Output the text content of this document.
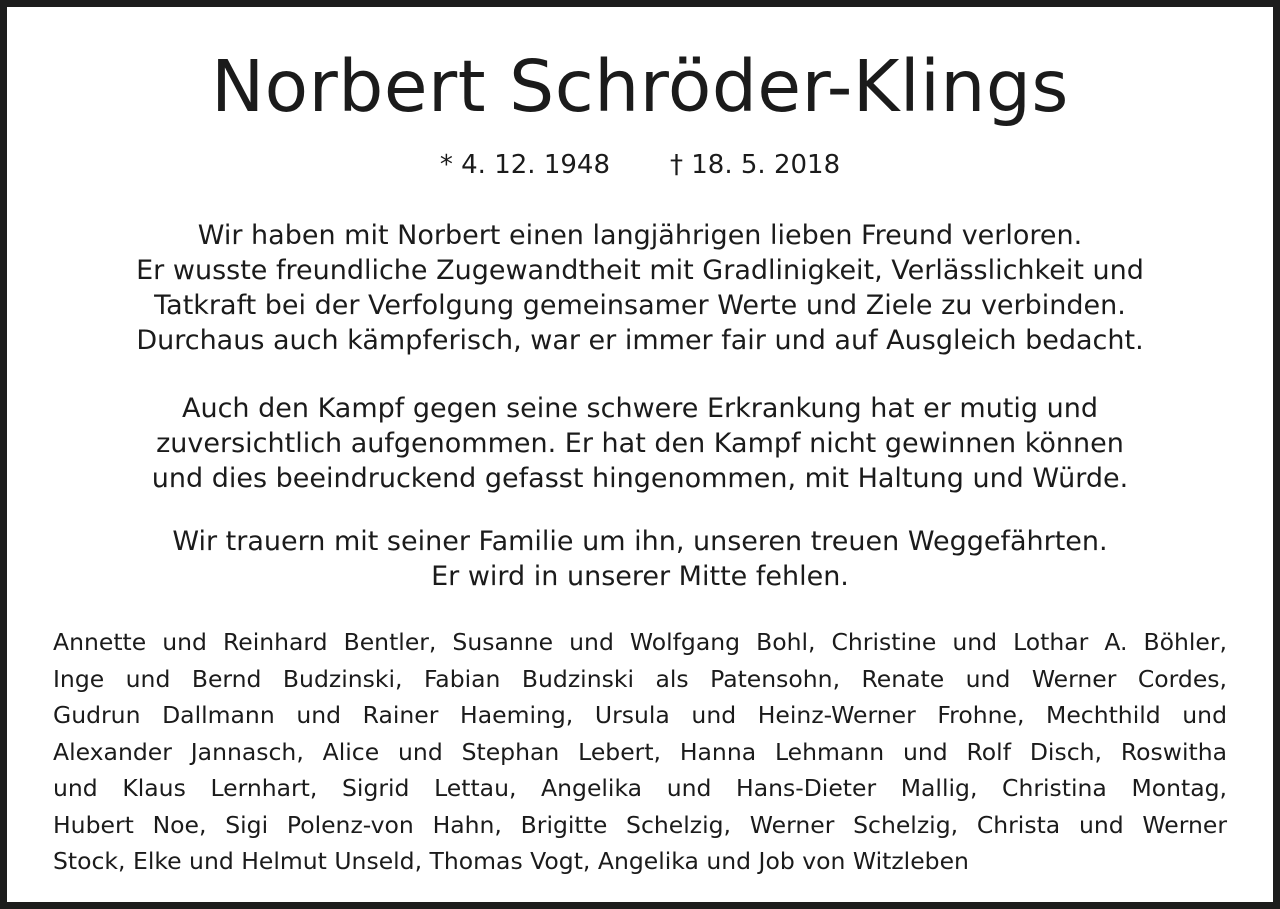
Norbert Schröder-Klings
* 4. 12. 1948 † 18. 5. 2018

Wir haben mit Norbert einen langjährigen lieben Freund verloren.
Er wusste freundliche Zugewandtheit mit Gradlinigkeit, Verlässlichkeit und
Tatkraft bei der Verfolgung gemeinsamer Werte und Ziele zu verbinden.
Durchaus auch kämpferisch, war er immer fair und auf Ausgleich bedacht.

Auch den Kampf gegen seine schwere Erkrankung hat er mutig und
zuversichtlich aufgenommen. Er hat den Kampf nicht gewinnen können
und dies beeindruckend gefasst hingenommen, mit Haltung und Würde.

Wir trauern mit seiner Familie um ihn, unseren treuen Weggefährten.
Er wird in unserer Mitte fehlen.

Annette und Reinhard Bentler, Susanne und Wolfgang Bohl, Christine und Lothar A. Böhler,
Inge und Bernd Budzinski, Fabian Budzinski als Patensohn, Renate und Werner Cordes,
Gudrun Dallmann und Rainer Haeming, Ursula und Heinz-Werner Frohne, Mechthild und
Alexander Jannasch, Alice und Stephan Lebert, Hanna Lehmann und Rolf Disch, Roswitha
und Klaus Lernhart, Sigrid Lettau, Angelika und Hans-Dieter Mallig, Christina Montag,
Hubert Noe, Sigi Polenz-von Hahn, Brigitte Schelzig, Werner Schelzig, Christa und Werner
Stock, Elke und Helmut Unseld, Thomas Vogt, Angelika und Job von Witzleben
